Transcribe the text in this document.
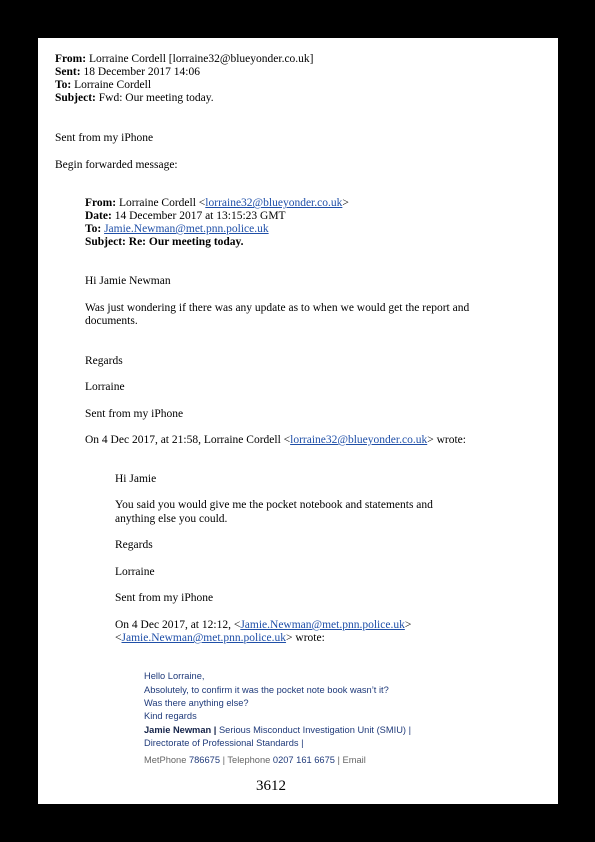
From: Lorraine Cordell [lorraine32@blueyonder.co.uk]
Sent: 18 December 2017 14:06
To: Lorraine Cordell
Subject: Fwd: Our meeting today.
Sent from my iPhone
Begin forwarded message:
From: Lorraine Cordell <lorraine32@blueyonder.co.uk>
Date: 14 December 2017 at 13:15:23 GMT
To: Jamie.Newman@met.pnn.police.uk
Subject: Re: Our meeting today.
Hi Jamie Newman
Was just wondering if there was any update as to when we would get the report and
documents.
Regards
Lorraine
Sent from my iPhone
On 4 Dec 2017, at 21:58, Lorraine Cordell <lorraine32@blueyonder.co.uk> wrote:
Hi Jamie
You said you would give me the pocket notebook and statements and
anything else you could.
Regards
Lorraine
Sent from my iPhone
On 4 Dec 2017, at 12:12, <Jamie.Newman@met.pnn.police.uk>
<Jamie.Newman@met.pnn.police.uk> wrote:
Hello Lorraine,
Absolutely, to confirm it was the pocket note book wasn’t it?
Was there anything else?
Kind regards
Jamie Newman | Serious Misconduct Investigation Unit (SMIU) |
Directorate of Professional Standards |
MetPhone 786675 | Telephone 0207 161 6675 | Email
3612
